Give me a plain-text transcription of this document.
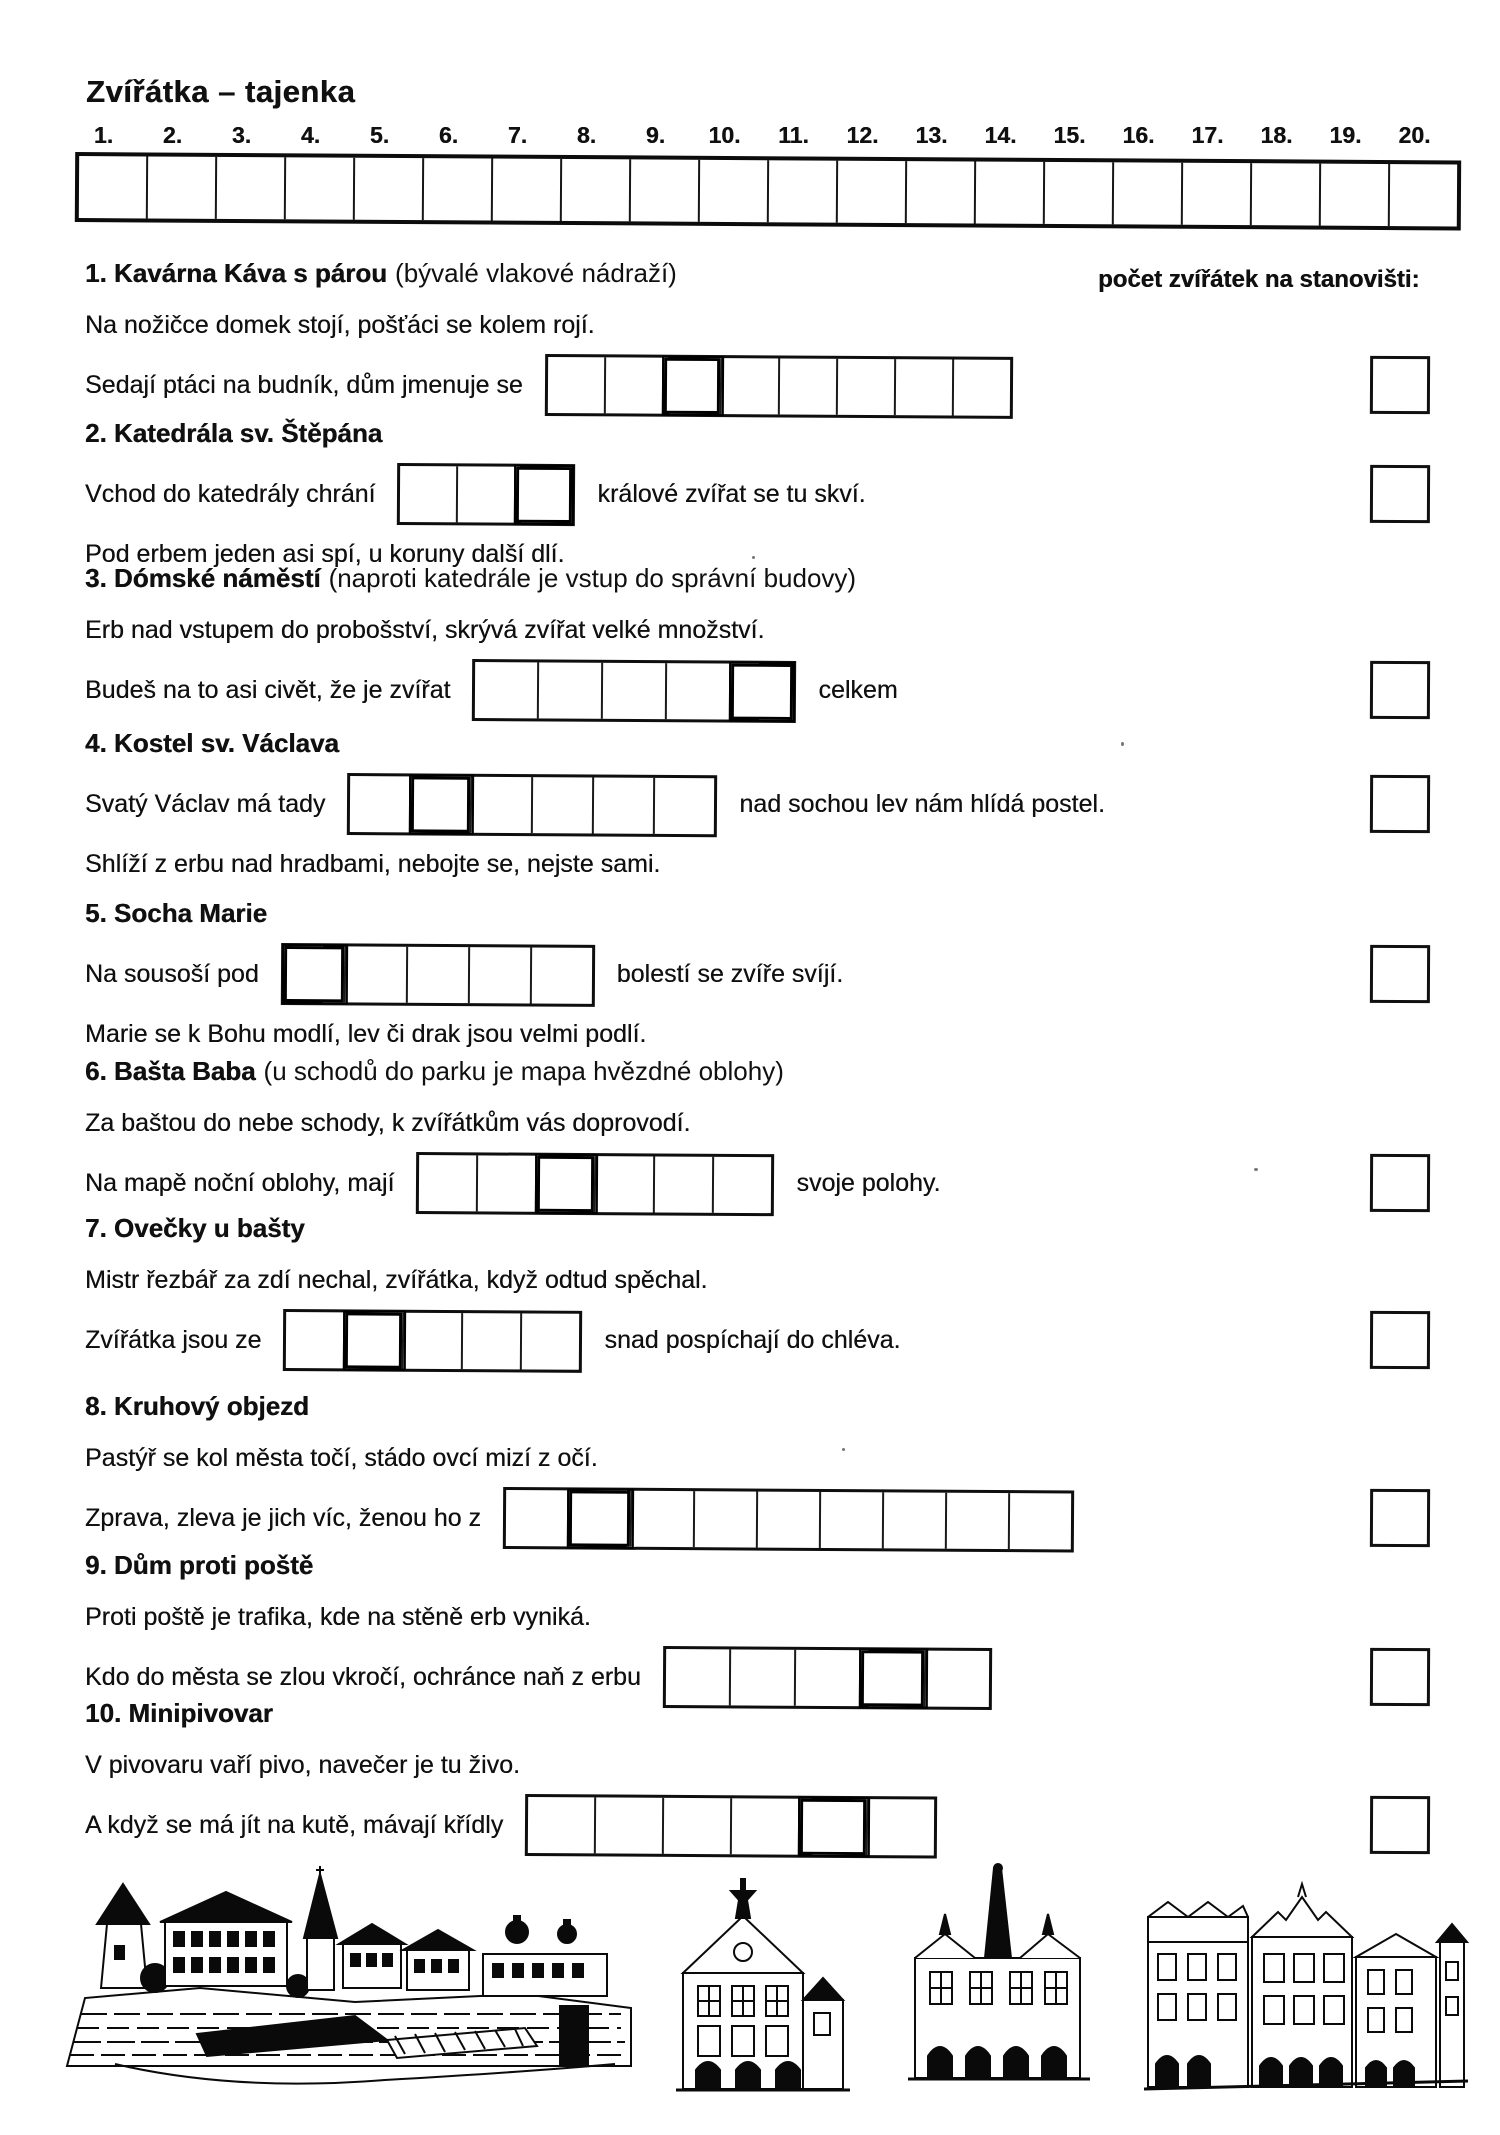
Zvířátka – tajenka
1.	2.	3.	4.	5.	6.	7.	8.	9.	10.	11.	12.	13.	14.	15.	16.	17.	18.	19.	20.
počet zvířátek na stanovišti:
1. Kavárna Káva s párou (bývalé vlakové nádraží)
Na nožičce domek stojí, pošťáci se kolem rojí.
Sedají ptáci na budník, dům jmenuje se
2. Katedrála sv. Štěpána
Vchod do katedrály chrání	králové zvířat se tu skví.
Pod erbem jeden asi spí, u koruny další dlí.
3. Dómské náměstí (naproti katedrále je vstup do správní budovy)
Erb nad vstupem do probošství, skrývá zvířat velké množství.
Budeš na to asi civět, že je zvířat	celkem
4. Kostel sv. Václava
Svatý Václav má tady	nad sochou lev nám hlídá postel.
Shlíží z erbu nad hradbami, nebojte se, nejste sami.
5. Socha Marie
Na sousoší pod	bolestí se zvíře svíjí.
Marie se k Bohu modlí, lev či drak jsou velmi podlí.
6. Bašta Baba (u schodů do parku je mapa hvězdné oblohy)
Za baštou do nebe schody, k zvířátkům vás doprovodí.
Na mapě noční oblohy, mají	svoje polohy.
7. Ovečky u bašty
Mistr řezbář za zdí nechal, zvířátka, když odtud spěchal.
Zvířátka jsou ze	snad pospíchají do chléva.
8. Kruhový objezd
Pastýř se kol města točí, stádo ovcí mizí z očí.
Zprava, zleva je jich víc, ženou ho z
9. Dům proti poště
Proti poště je trafika, kde na stěně erb vyniká.
Kdo do města se zlou vkročí, ochránce naň z erbu
10. Minipivovar
V pivovaru vaří pivo, navečer je tu živo.
A když se má jít na kutě, mávají křídly
